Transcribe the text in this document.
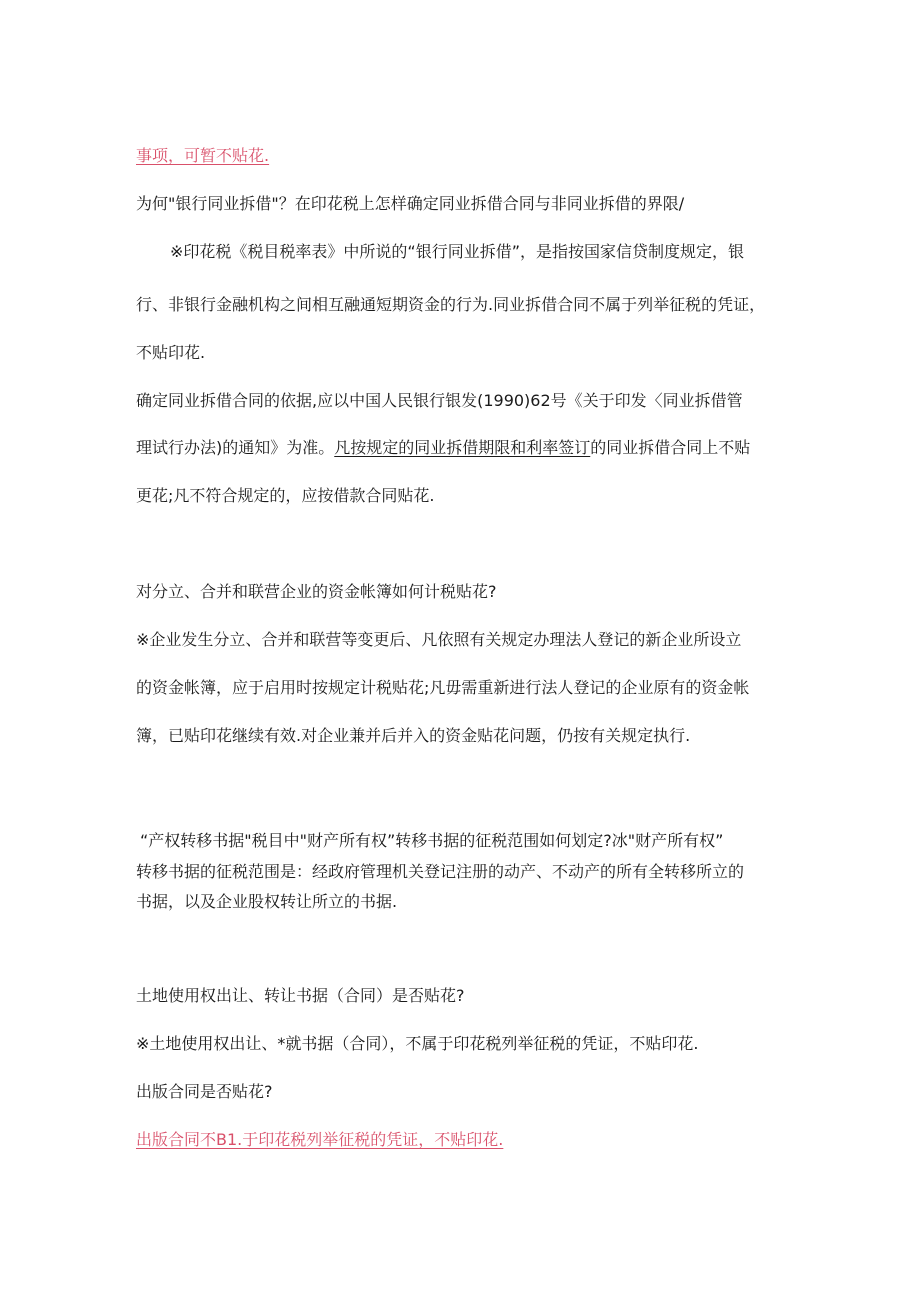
事项，可暂不贴花.
为何"银行同业拆借"？在印花税上怎样确定同业拆借合同与非同业拆借的界限/
※印花税《税目税率表》中所说的“银行同业拆借”，是指按国家信贷制度规定，银
行、非银行金融机构之间相互融通短期资金的行为.同业拆借合同不属于列举征税的凭证，
不贴印花.
确定同业拆借合同的依据,应以中国人民银行银发(1990)62号《关于印发〈同业拆借管
理试行办法)的通知》为准。凡按规定的同业拆借期限和利率签订的同业拆借合同上不贴
更花;凡不符合规定的，应按借款合同贴花.
对分立、合并和联营企业的资金帐簿如何计税贴花?
※企业发生分立、合并和联营等变更后、凡依照有关规定办理法人登记的新企业所设立
的资金帐簿，应于启用时按规定计税贴花;凡毋需重新进行法人登记的企业原有的资金帐
簿，已贴印花继续有效.对企业兼并后并入的资金贴花问题，仍按有关规定执行.
“产权转移书据"税目中"财产所有权”转移书据的征税范围如何划定?冰"财产所有权”
转移书据的征税范围是：经政府管理机关登记注册的动产、不动产的所有全转移所立的
书据，以及企业股权转让所立的书据.
土地使用权出让、转让书据（合同）是否贴花?
※土地使用权出让、*就书据（合同），不属于印花税列举征税的凭证，不贴印花.
出版合同是否贴花?
出版合同不B1.于印花税列举征税的凭证，不贴印花.
